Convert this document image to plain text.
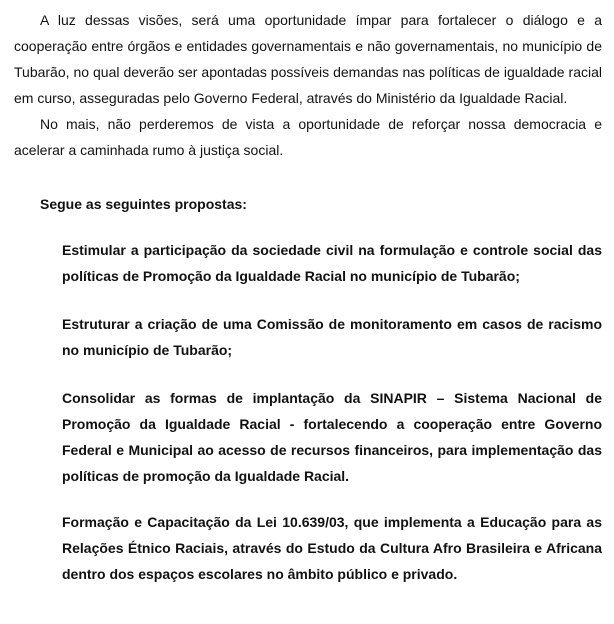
A luz dessas visões, será uma oportunidade ímpar para fortalecer o diálogo e a cooperação entre órgãos e entidades governamentais e não governamentais, no município de Tubarão, no qual deverão ser apontadas possíveis demandas nas políticas de igualdade racial em curso, asseguradas pelo Governo Federal, através do Ministério da Igualdade Racial.

No mais, não perderemos de vista a oportunidade de reforçar nossa democracia e acelerar a caminhada rumo à justiça social.

Segue as seguintes propostas:
Estimular a participação da sociedade civil na formulação e controle social das políticas de Promoção da Igualdade Racial no município de Tubarão;
Estruturar a criação de uma Comissão de monitoramento em casos de racismo no município de Tubarão;
Consolidar as formas de implantação da SINAPIR – Sistema Nacional de Promoção da Igualdade Racial - fortalecendo a cooperação entre Governo Federal e Municipal ao acesso de recursos financeiros, para implementação das políticas de promoção da Igualdade Racial.
Formação e Capacitação da Lei 10.639/03, que implementa a Educação para as Relações Étnico Raciais, através do Estudo da Cultura Afro Brasileira e Africana dentro dos espaços escolares no âmbito público e privado.
